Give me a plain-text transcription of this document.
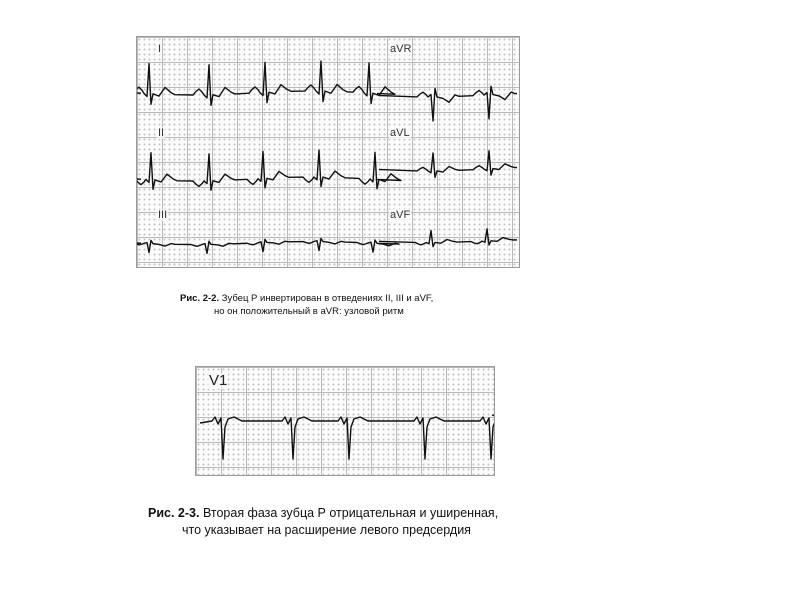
I	aVR
II	aVL
III	aVF
Рис. 2-2. Зубец Р инвертирован в отведениях II, III и aVF,
но он положительный в aVR: узловой ритм
V1
Рис. 2-3. Вторая фаза зубца Р отрицательная и уширенная,
что указывает на расширение левого предсердия
